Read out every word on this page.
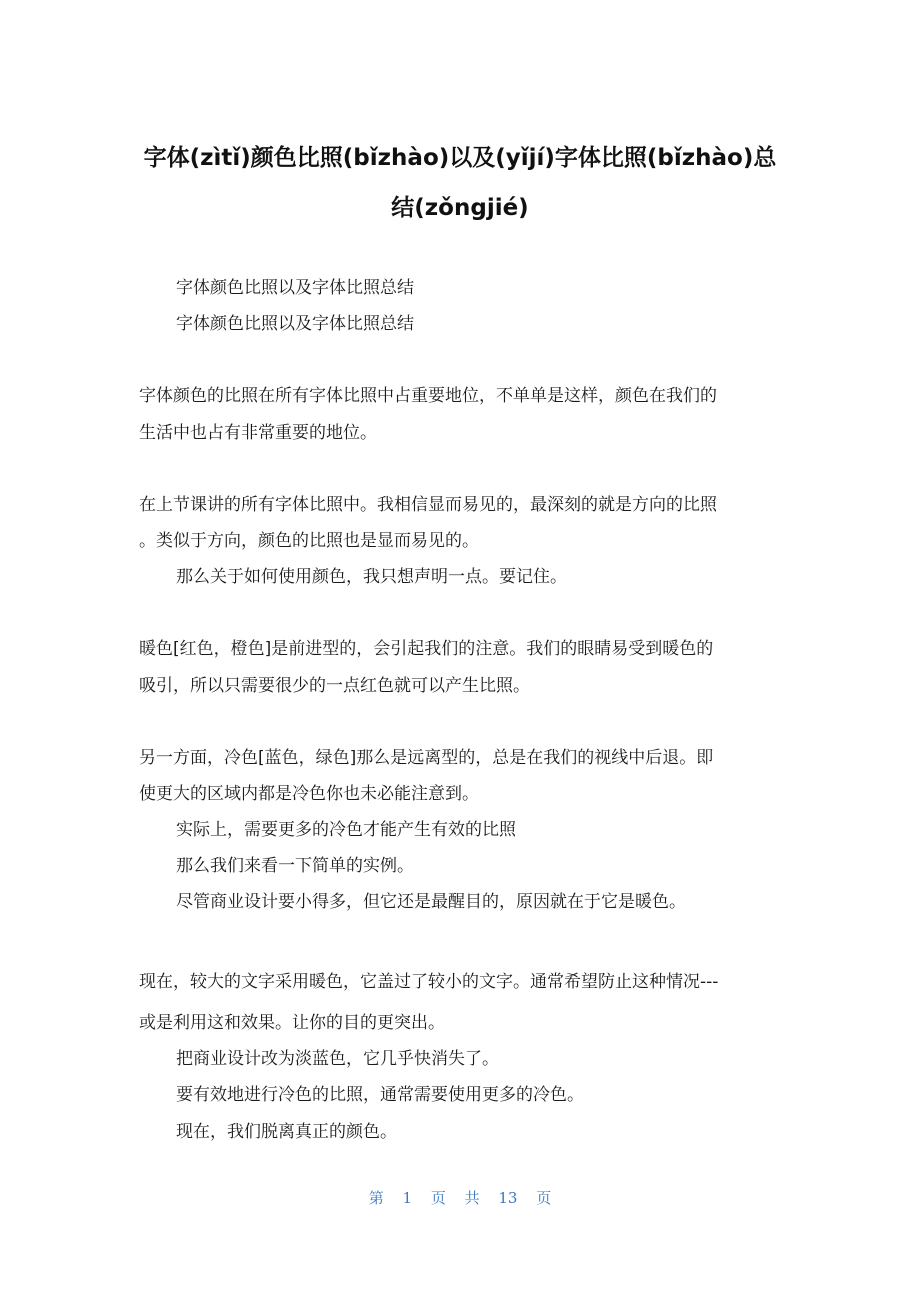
字体(zìtǐ)颜色比照(bǐzhào)以及(yǐjí)字体比照(bǐzhào)总
结(zǒngjié)

字体颜色比照以及字体比照总结

字体颜色比照以及字体比照总结

字体颜色的比照在所有字体比照中占重要地位，不单单是这样，颜色在我们的

生活中也占有非常重要的地位。

在上节课讲的所有字体比照中。我相信显而易见的，最深刻的就是方向的比照

。类似于方向，颜色的比照也是显而易见的。

那么关于如何使用颜色，我只想声明一点。要记住。

暖色[红色，橙色]是前进型的，会引起我们的注意。我们的眼睛易受到暖色的

吸引，所以只需要很少的一点红色就可以产生比照。

另一方面，冷色[蓝色，绿色]那么是远离型的，总是在我们的视线中后退。即

使更大的区域内都是冷色你也未必能注意到。

实际上，需要更多的冷色才能产生有效的比照

那么我们来看一下简单的实例。

尽管商业设计要小得多，但它还是最醒目的，原因就在于它是暖色。

现在，较大的文字采用暖色，它盖过了较小的文字。通常希望防止这种情况---

或是利用这和效果。让你的目的更突出。

把商业设计改为淡蓝色，它几乎快消失了。

要有效地进行冷色的比照，通常需要使用更多的冷色。

现在，我们脱离真正的颜色。

第 1 页 共 13 页
